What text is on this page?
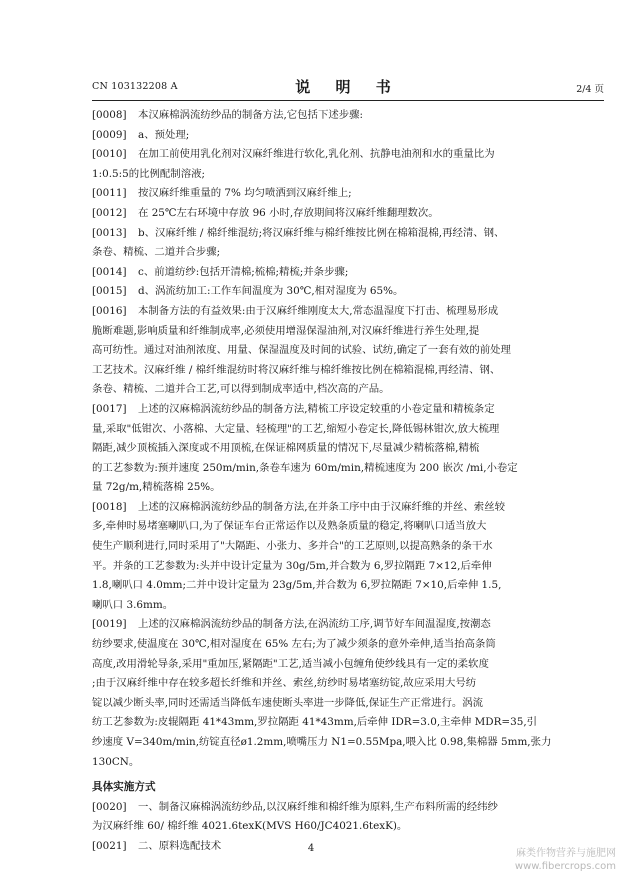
CN 103132208 A	说 明 书	2/4 页
[0008]	本汉麻棉涡流纺纱品的制备方法,它包括下述步骤:
[0009]	a、预处理;
[0010]	在加工前使用乳化剂对汉麻纤维进行软化,乳化剂、抗静电油剂和水的重量比为
1:0.5:5的比例配制溶液;
[0011]	按汉麻纤维重量的 7% 均匀喷洒到汉麻纤维上;
[0012]	在 25℃左右环境中存放 96 小时,存放期间将汉麻纤维翻理数次。
[0013]	b、汉麻纤维 / 棉纤维混纺;将汉麻纤维与棉纤维按比例在棉箱混棉,再经清、钢、
条卷、精梳、二道并合步骤;
[0014]	c、前道纺纱:包括开清棉;梳棉;精梳;并条步骤;
[0015]	d、涡流纺加工:工作车间温度为 30℃,相对湿度为 65%。
[0016]	本制备方法的有益效果:由于汉麻纤维刚度太大,常态温湿度下打击、梳理易形成
脆断难题,影响质量和纤维制成率,必须使用增湿保湿油剂,对汉麻纤维进行养生处理,提
高可纺性。通过对油剂浓度、用量、保湿温度及时间的试验、试纺,确定了一套有效的前处理
工艺技术。汉麻纤维 / 棉纤维混纺时将汉麻纤维与棉纤维按比例在棉箱混棉,再经清、钢、
条卷、精梳、二道并合工艺,可以得到制成率适中,档次高的产品。
[0017]	上述的汉麻棉涡流纺纱品的制备方法,精梳工序设定较重的小卷定量和精梳条定
量,采取"低钳次、小落棉、大定量、轻梳理"的工艺,缩短小卷定长,降低锡林钳次,放大梳理
隔距,减少顶梳插入深度或不用顶梳,在保证棉网质量的情况下,尽量减少精梳落棉,精梳
的工艺参数为:预并速度 250m/min,条卷车速为 60m/min,精梳速度为 200 嵌次 /mi,小卷定
量 72g/m,精梳落棉 25%。
[0018]	上述的汉麻棉涡流纺纱品的制备方法,在并条工序中由于汉麻纤维的并丝、索丝较
多,牵伸时易堵塞喇叭口,为了保证车台正常运作以及熟条质量的稳定,将喇叭口适当放大
使生产顺利进行,同时采用了"大隔距、小张力、多并合"的工艺原则,以提高熟条的条干水
平。并条的工艺参数为:头并中设计定量为 30g/5m,并合数为 6,罗拉隔距 7×12,后牵伸
1.8,喇叭口 4.0mm;二并中设计定量为 23g/5m,并合数为 6,罗拉隔距 7×10,后牵伸 1.5,
喇叭口 3.6mm。
[0019]	上述的汉麻棉涡流纺纱品的制备方法,在涡流纺工序,调节好车间温湿度,按潮态
纺纱要求,使温度在 30℃,相对湿度在 65% 左右;为了减少须条的意外牵伸,适当抬高条筒
高度,改用滑轮导条,采用"重加压,紧隔距"工艺,适当减小包缠角使纱线具有一定的柔软度
;由于汉麻纤维中存在较多超长纤维和并丝、索丝,纺纱时易堵塞纺锭,故应采用大号纺
锭以减少断头率,同时还需适当降低车速使断头率进一步降低,保证生产正常进行。涡流
纺工艺参数为:皮辊隔距 41*43mm,罗拉隔距 41*43mm,后牵伸 IDR=3.0,主牵伸 MDR=35,引
纱速度 V=340m/min,纺锭直径ø1.2mm,喷嘴压力 N1=0.55Mpa,喂入比 0.98,集棉器 5mm,张力
130CN。
具体实施方式
[0020]	一、制备汉麻棉涡流纺纱品,以汉麻纤维和棉纤维为原料,生产布料所需的经纬纱
为汉麻纤维 60/ 棉纤维 4021.6texK(MVS H60/JC4021.6texK)。
[0021]	二、原料选配技术	4	麻类作物营养与施肥网
www.fibercrops.com
